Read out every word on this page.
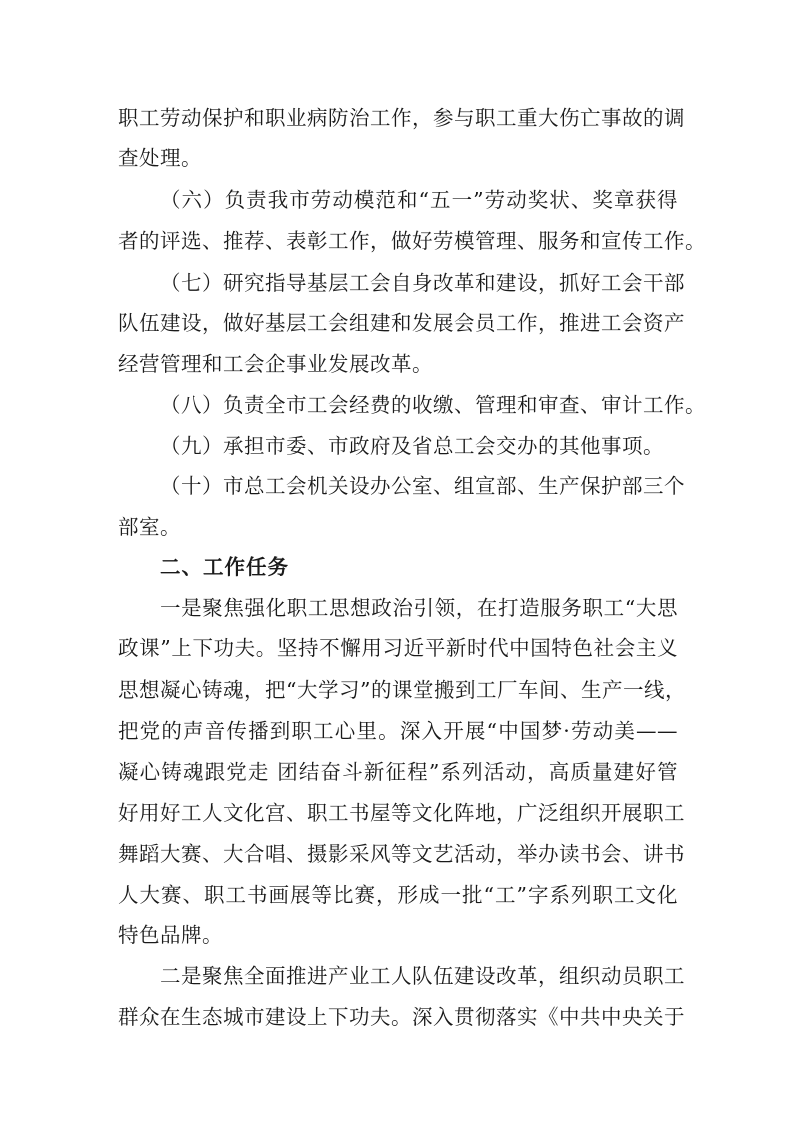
职工劳动保护和职业病防治工作，参与职工重大伤亡事故的调
查处理。
（六）负责我市劳动模范和“五一”劳动奖状、奖章获得
者的评选、推荐、表彰工作，做好劳模管理、服务和宣传工作。
（七）研究指导基层工会自身改革和建设，抓好工会干部
队伍建设，做好基层工会组建和发展会员工作，推进工会资产
经营管理和工会企事业发展改革。
（八）负责全市工会经费的收缴、管理和审查、审计工作。
（九）承担市委、市政府及省总工会交办的其他事项。
（十）市总工会机关设办公室、组宣部、生产保护部三个
部室。
二、工作任务
一是聚焦强化职工思想政治引领，在打造服务职工“大思
政课”上下功夫。坚持不懈用习近平新时代中国特色社会主义
思想凝心铸魂，把“大学习”的课堂搬到工厂车间、生产一线，
把党的声音传播到职工心里。深入开展“中国梦·劳动美——
凝心铸魂跟党走 团结奋斗新征程”系列活动，高质量建好管
好用好工人文化宫、职工书屋等文化阵地，广泛组织开展职工
舞蹈大赛、大合唱、摄影采风等文艺活动，举办读书会、讲书
人大赛、职工书画展等比赛，形成一批“工”字系列职工文化
特色品牌。
二是聚焦全面推进产业工人队伍建设改革，组织动员职工
群众在生态城市建设上下功夫。深入贯彻落实《中共中央关于
